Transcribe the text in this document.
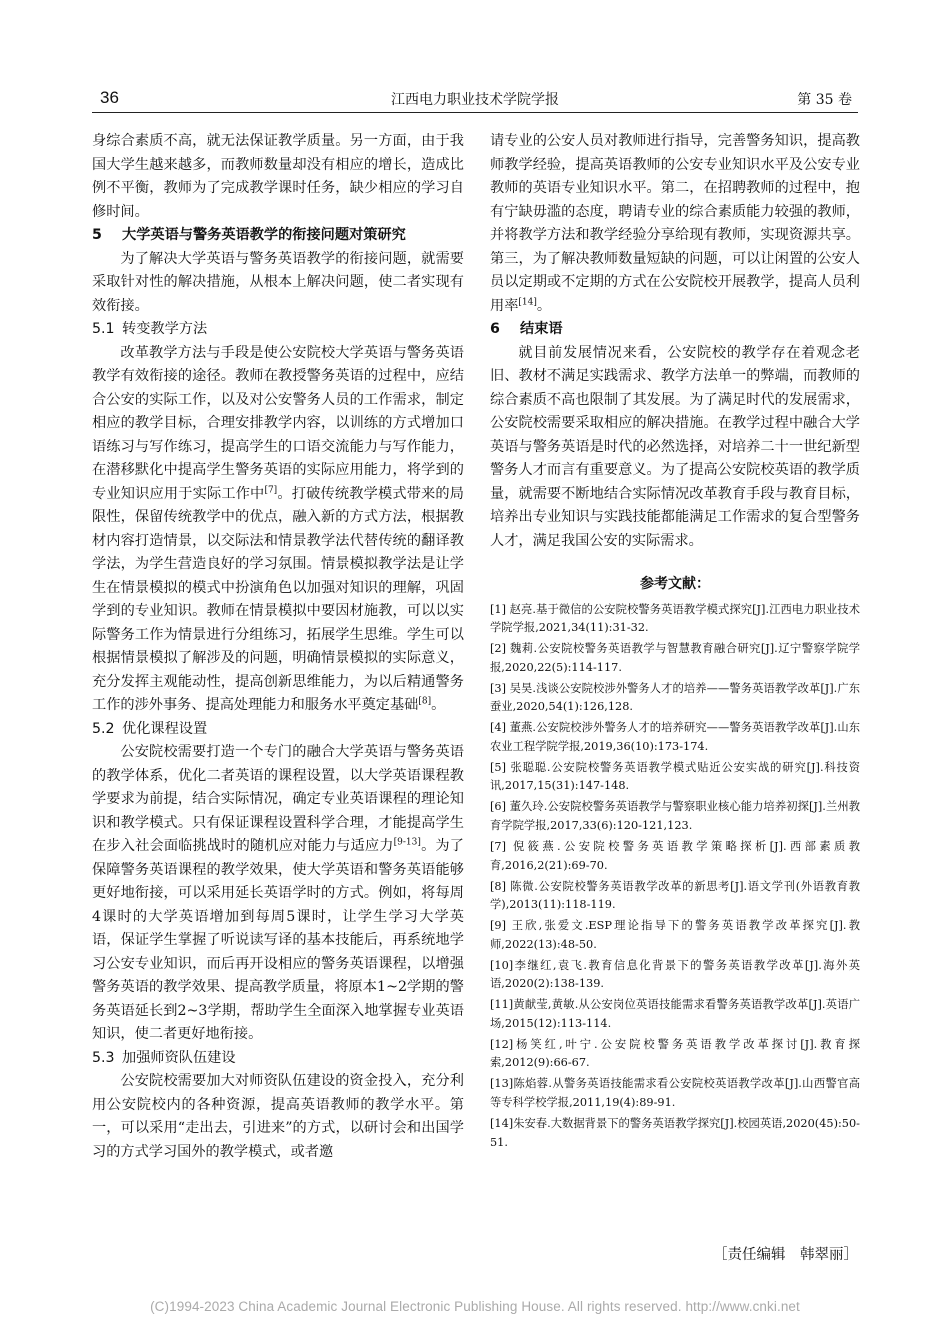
36	江西电力职业技术学院学报	第 35 卷

身综合素质不高，就无法保证教学质量。另一方面，由于我国大学生越来越多，而教师数量却没有相应的增长，造成比例不平衡，教师为了完成教学课时任务，缺少相应的学习自修时间。

5 大学英语与警务英语教学的衔接问题对策研究

为了解决大学英语与警务英语教学的衔接问题，就需要采取针对性的解决措施，从根本上解决问题，使二者实现有效衔接。

5.1 转变教学方法

改革教学方法与手段是使公安院校大学英语与警务英语教学有效衔接的途径。教师在教授警务英语的过程中，应结合公安的实际工作，以及对公安警务人员的工作需求，制定相应的教学目标，合理安排教学内容，以训练的方式增加口语练习与写作练习，提高学生的口语交流能力与写作能力，在潜移默化中提高学生警务英语的实际应用能力，将学到的专业知识应用于实际工作中[7]。打破传统教学模式带来的局限性，保留传统教学中的优点，融入新的方式方法，根据教材内容打造情景，以交际法和情景教学法代替传统的翻译教学法，为学生营造良好的学习氛围。情景模拟教学法是让学生在情景模拟的模式中扮演角色以加强对知识的理解，巩固学到的专业知识。教师在情景模拟中要因材施教，可以以实际警务工作为情景进行分组练习，拓展学生思维。学生可以根据情景模拟了解涉及的问题，明确情景模拟的实际意义，充分发挥主观能动性，提高创新思维能力，为以后精通警务工作的涉外事务、提高处理能力和服务水平奠定基础[8]。

5.2 优化课程设置

公安院校需要打造一个专门的融合大学英语与警务英语的教学体系，优化二者英语的课程设置，以大学英语课程教学要求为前提，结合实际情况，确定专业英语课程的理论知识和教学模式。只有保证课程设置科学合理，才能提高学生在步入社会面临挑战时的随机应对能力与适应力[9-13]。为了保障警务英语课程的教学效果，使大学英语和警务英语能够更好地衔接，可以采用延长英语学时的方式。例如，将每周4课时的大学英语增加到每周5课时，让学生学习大学英语，保证学生掌握了听说读写译的基本技能后，再系统地学习公安专业知识，而后再开设相应的警务英语课程，以增强警务英语的教学效果、提高教学质量，将原本1~2学期的警务英语延长到2~3学期，帮助学生全面深入地掌握专业英语知识，使二者更好地衔接。

5.3 加强师资队伍建设

公安院校需要加大对师资队伍建设的资金投入，充分利用公安院校内的各种资源，提高英语教师的教学水平。第一，可以采用“走出去，引进来”的方式，以研讨会和出国学习的方式学习国外的教学模式，或者邀

请专业的公安人员对教师进行指导，完善警务知识，提高教师教学经验，提高英语教师的公安专业知识水平及公安专业教师的英语专业知识水平。第二，在招聘教师的过程中，抱有宁缺毋滥的态度，聘请专业的综合素质能力较强的教师，并将教学方法和教学经验分享给现有教师，实现资源共享。第三，为了解决教师数量短缺的问题，可以让闲置的公安人员以定期或不定期的方式在公安院校开展教学，提高人员利用率[14]。

6 结束语

就目前发展情况来看，公安院校的教学存在着观念老旧、教材不满足实践需求、教学方法单一的弊端，而教师的综合素质不高也限制了其发展。为了满足时代的发展需求，公安院校需要采取相应的解决措施。在教学过程中融合大学英语与警务英语是时代的必然选择，对培养二十一世纪新型警务人才而言有重要意义。为了提高公安院校英语的教学质量，就需要不断地结合实际情况改革教育手段与教育目标，培养出专业知识与实践技能都能满足工作需求的复合型警务人才，满足我国公安的实际需求。

参考文献：
[1] 赵亮.基于微信的公安院校警务英语教学模式探究[J].江西电力职业技术学院学报,2021,34(11):31-32.
[2] 魏莉.公安院校警务英语教学与智慧教育融合研究[J].辽宁警察学院学报,2020,22(5):114-117.
[3] 吴昊.浅谈公安院校涉外警务人才的培养——警务英语教学改革[J].广东蚕业,2020,54(1):126,128.
[4] 董燕.公安院校涉外警务人才的培养研究——警务英语教学改革[J].山东农业工程学院学报,2019,36(10):173-174.
[5] 张聪聪.公安院校警务英语教学模式贴近公安实战的研究[J].科技资讯,2017,15(31):147-148.
[6] 董久玲.公安院校警务英语教学与警察职业核心能力培养初探[J].兰州教育学院学报,2017,33(6):120-121,123.
[7] 倪筱燕.公安院校警务英语教学策略探析[J].西部素质教育,2016,2(21):69-70.
[8] 陈微.公安院校警务英语教学改革的新思考[J].语文学刊(外语教育教学),2013(11):118-119.
[9] 王欣,张爱文.ESP理论指导下的警务英语教学改革探究[J].教师,2022(13):48-50.
[10]李继红,袁飞.教育信息化背景下的警务英语教学改革[J].海外英语,2020(2):138-139.
[11]黄献莹,黄敏.从公安岗位英语技能需求看警务英语教学改革[J].英语广场,2015(12):113-114.
[12]杨笑红,叶宁.公安院校警务英语教学改革探讨[J].教育探索,2012(9):66-67.
[13]陈焰蓉.从警务英语技能需求看公安院校英语教学改革[J].山西警官高等专科学校学报,2011,19(4):89-91.
[14]朱安春.大数据背景下的警务英语教学探究[J].校园英语,2020(45):50-51.
［责任编辑　韩翠丽］
(C)1994-2023 China Academic Journal Electronic Publishing House. All rights reserved. http://www.cnki.net
